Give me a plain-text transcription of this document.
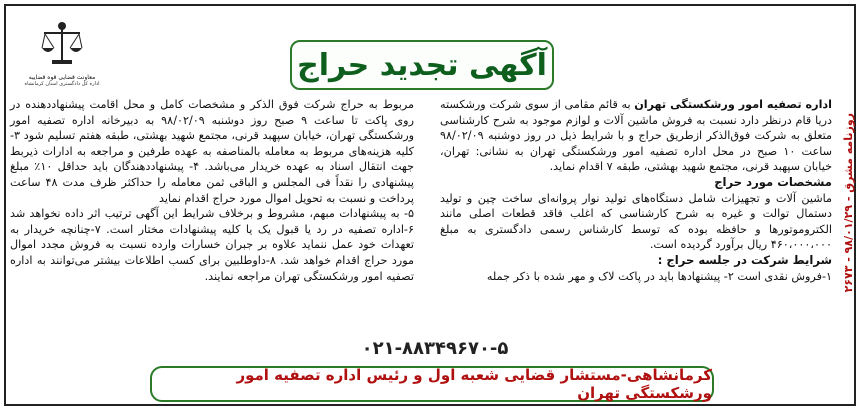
روزنامه مشرق - ۹۸/۰۱/۲۹ - ۲۶۷۳
معاونت قضایی قوه قضاییه
اداره کل دادگستری استان کرمانشاه
آگهی تجدید حراج

اداره تصفیه امور ورشکستگی تهران به قائم مقامی از سوی شرکت ورشکسته دریا قام درنظر دارد نسبت به فروش ماشین آلات و لوازم موجود به شرح کارشناسی متعلق به شرکت فوق‌الذکر ازطریق حراج و با شرایط ذیل در روز دوشنبه ۹۸/۰۲/۰۹ ساعت ۱۰ صبح در محل اداره تصفیه امور ورشکستگی تهران به نشانی: تهران، خیابان سپهبد قرنی، مجتمع شهید بهشتی، طبقه ۷ اقدام نماید.

مشخصات مورد حراج

ماشین آلات و تجهیزات شامل دستگاه‌های تولید نوار پروانه‌ای ساخت چین و تولید دستمال توالت و غیره به شرح کارشناسی که اغلب فاقد قطعات اصلی مانند الکتروموتورها و حافظه بوده که توسط کارشناس رسمی دادگستری به مبلغ ۴۶۰،۰۰۰،۰۰۰ ریال برآورد گردیده است.

شرایط شرکت در جلسه حراج :

۱-فروش نقدی است ۲- پیشنهادها باید در پاکت لاک و مهر شده با ذکر جمله

مربوط به حراج شرکت فوق الذکر و مشخصات کامل و محل اقامت پیشنهاددهنده در روی پاکت تا ساعت ۹ صبح روز دوشنبه ۹۸/۰۲/۰۹ به دبیرخانه اداره تصفیه امور ورشکستگی تهران، خیابان سپهبد قرنی، مجتمع شهید بهشتی، طبقه هفتم تسلیم شود ۳- کلیه هزینه‌های مربوط به معامله بالمناصفه به عهده طرفین و مراجعه به ادارات ذیربط جهت انتقال اسناد به عهده خریدار می‌باشد. ۴- پیشنهاددهندگان باید حداقل ۱۰٪ مبلغ پیشنهادی را نقداً فی المجلس و الباقی ثمن معامله را حداکثر ظرف مدت ۴۸ ساعت پرداخت و نسبت به تحویل اموال مورد حراج اقدام نماید

۵- به پیشنهادات مبهم، مشروط و برخلاف شرایط این آگهی ترتیب اثر داده نخواهد شد ۶-اداره تصفیه در رد یا قبول یک یا کلیه پیشنهادات مختار است. ۷-چنانچه خریدار به تعهدات خود عمل ننماید علاوه بر جبران خسارات وارده نسبت به فروش مجدد اموال مورد حراج اقدام خواهد شد. ۸-داوطلبین برای کسب اطلاعات بیشتر می‌توانند به اداره تصفیه امور ورشکستگی تهران مراجعه نمایند.

۰۲۱-۸۸۳۴۹۶۷۰-۵
کرمانشاهی-مستشار قضایی شعبه اول و رئیس اداره تصفیه امور ورشکستگی تهران
